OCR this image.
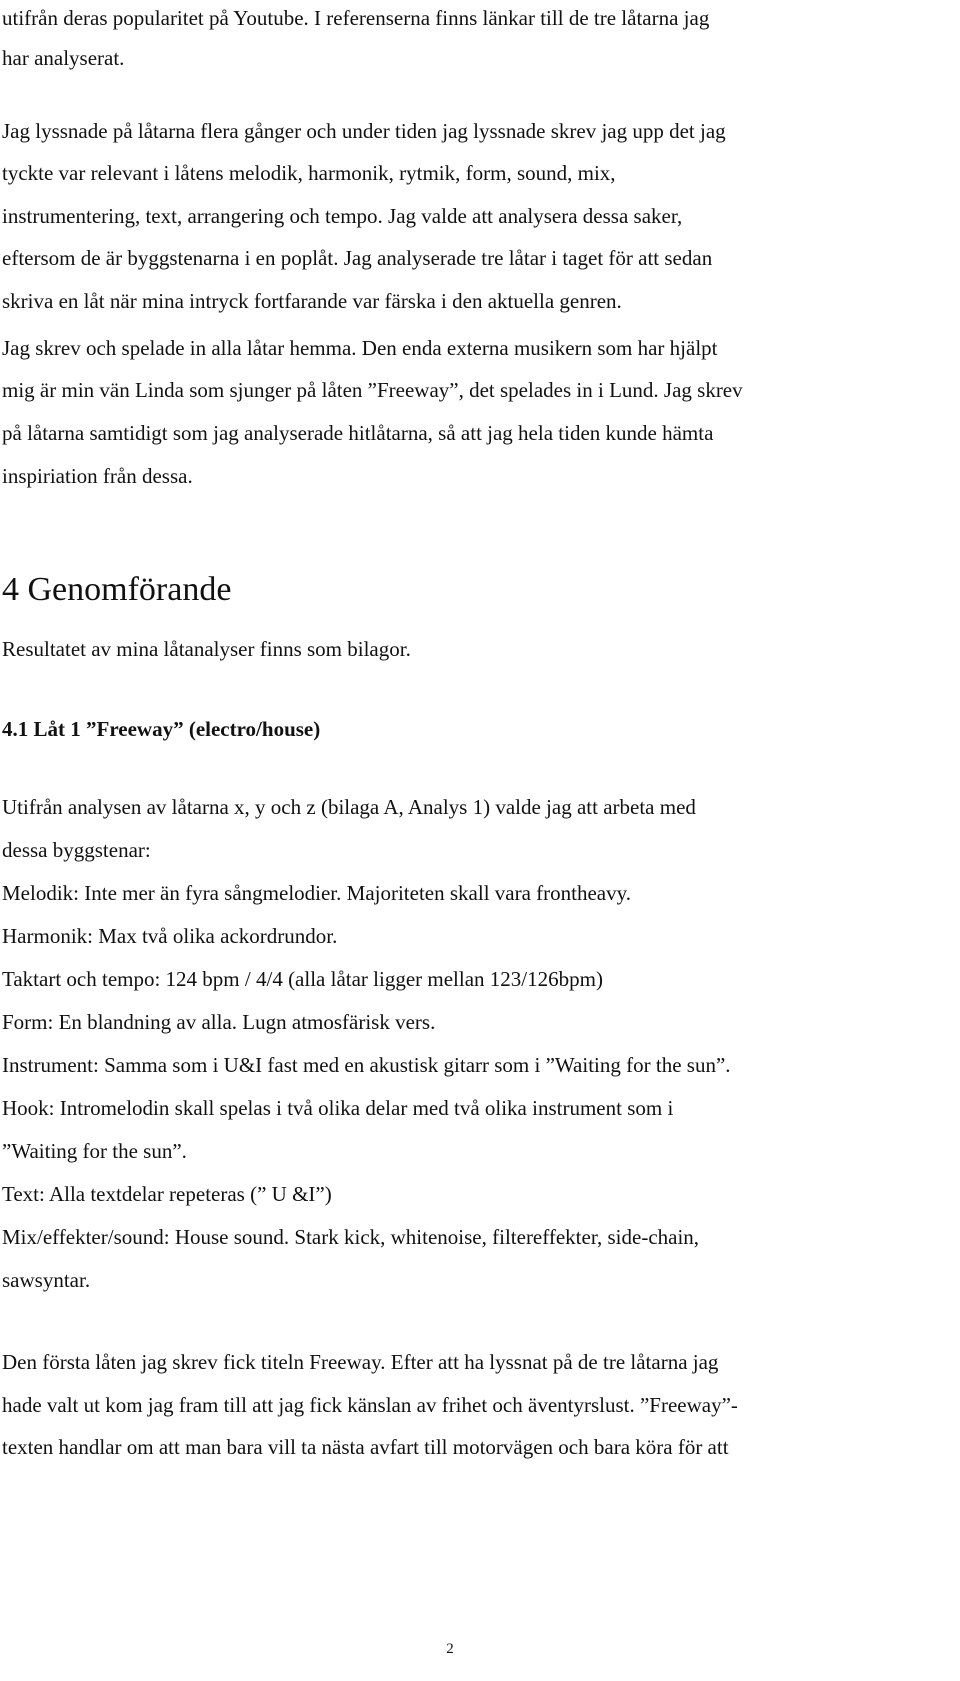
utifrån deras popularitet på Youtube. I referenserna finns länkar till de tre låtarna jag
har analyserat.
Jag lyssnade på låtarna flera gånger och under tiden jag lyssnade skrev jag upp det jag
tyckte var relevant i låtens melodik, harmonik, rytmik, form, sound, mix,
instrumentering, text, arrangering och tempo. Jag valde att analysera dessa saker,
eftersom de är byggstenarna i en poplåt. Jag analyserade tre låtar i taget för att sedan
skriva en låt när mina intryck fortfarande var färska i den aktuella genren.
Jag skrev och spelade in alla låtar hemma. Den enda externa musikern som har hjälpt
mig är min vän Linda som sjunger på låten ”Freeway”, det spelades in i Lund. Jag skrev
på låtarna samtidigt som jag analyserade hitlåtarna, så att jag hela tiden kunde hämta
inspiriation från dessa.
4 Genomförande
Resultatet av mina låtanalyser finns som bilagor.
4.1 Låt 1 ”Freeway” (electro/house)
Utifrån analysen av låtarna x, y och z (bilaga A, Analys 1) valde jag att arbeta med
dessa byggstenar:
Melodik: Inte mer än fyra sångmelodier. Majoriteten skall vara frontheavy.
Harmonik: Max två olika ackordrundor.
Taktart och tempo: 124 bpm / 4/4 (alla låtar ligger mellan 123/126bpm)
Form: En blandning av alla. Lugn atmosfärisk vers.
Instrument: Samma som i U&I fast med en akustisk gitarr som i ”Waiting for the sun”.
Hook: Intromelodin skall spelas i två olika delar med två olika instrument som i
”Waiting for the sun”.
Text: Alla textdelar repeteras (” U &I”)
Mix/effekter/sound: House sound. Stark kick, whitenoise, filtereffekter, side-chain,
sawsyntar.
Den första låten jag skrev fick titeln Freeway. Efter att ha lyssnat på de tre låtarna jag
hade valt ut kom jag fram till att jag fick känslan av frihet och äventyrslust. ”Freeway”-
texten handlar om att man bara vill ta nästa avfart till motorvägen och bara köra för att
2
